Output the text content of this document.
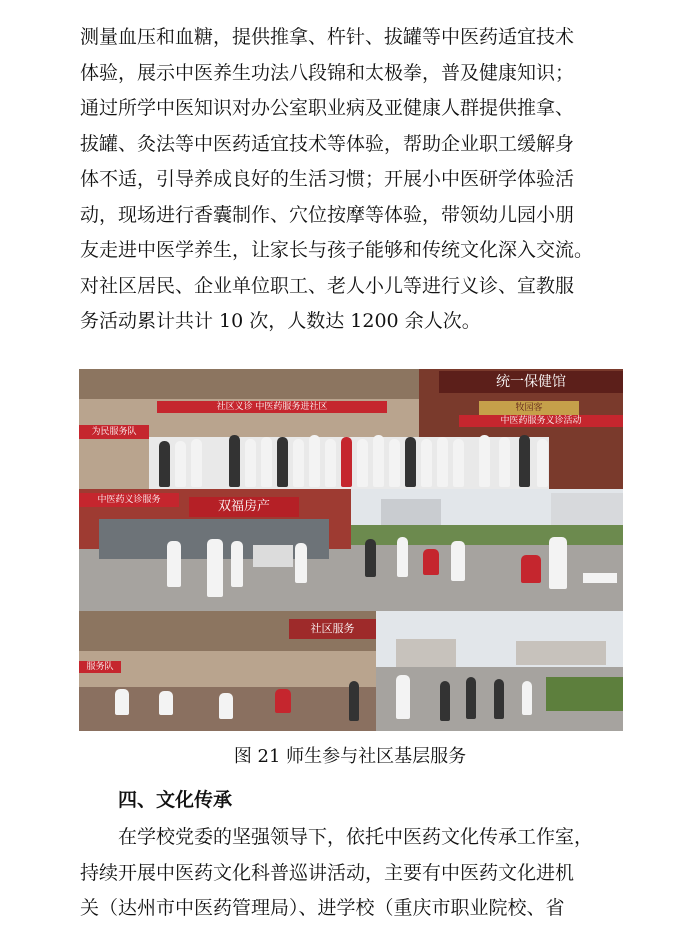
测量血压和血糖，提供推拿、杵针、拔罐等中医药适宜技术
体验，展示中医养生功法八段锦和太极拳，普及健康知识；
通过所学中医知识对办公室职业病及亚健康人群提供推拿、
拔罐、灸法等中医药适宜技术等体验，帮助企业职工缓解身
体不适，引导养成良好的生活习惯；开展小中医研学体验活
动，现场进行香囊制作、穴位按摩等体验，带领幼儿园小朋
友走进中医学养生，让家长与孩子能够和传统文化深入交流。
对社区居民、企业单位职工、老人小儿等进行义诊、宣教服
务活动累计共计 10 次，人数达 1200 余人次。
为民服务队
社区义诊 中医药服务进社区
统一保健馆
牧园客
中医药服务义诊活动
中医药义诊服务	双福房产
服务队
社区服务
图 21 师生参与社区基层服务
四、文化传承
在学校党委的坚强领导下，依托中医药文化传承工作室，
持续开展中医药文化科普巡讲活动，主要有中医药文化进机
关（达州市中医药管理局）、进学校（重庆市职业院校、省
